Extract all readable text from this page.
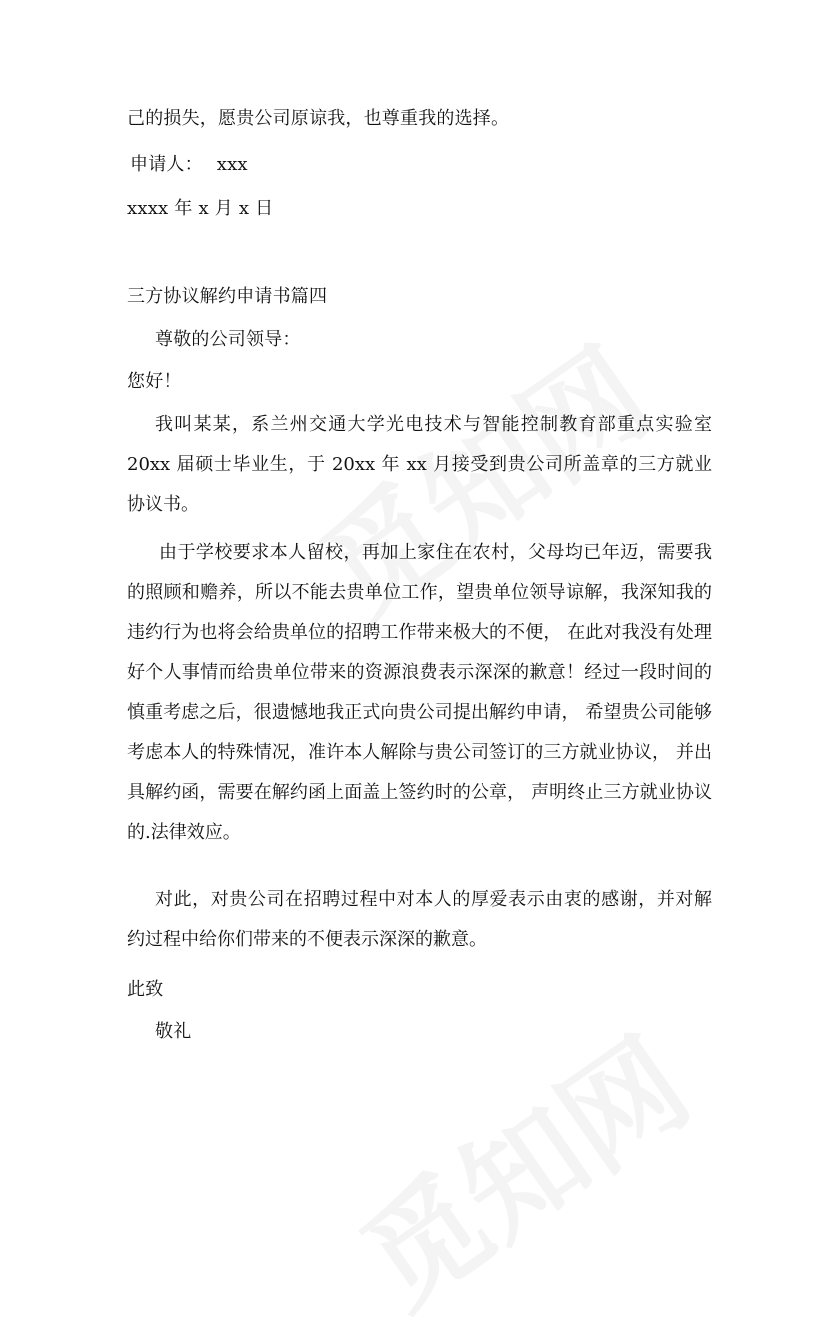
己的损失，愿贵公司原谅我，也尊重我的选择。
申请人： xxx
xxxx 年 x 月 x 日
三方协议解约申请书篇四
尊敬的公司领导：
您好！
我叫某某，系兰州交通大学光电技术与智能控制教育部重点实验室 20xx 届硕士毕业生，于 20xx 年 xx 月接受到贵公司所盖章的三方就业协议书。
由于学校要求本人留校，再加上家住在农村，父母均已年迈，需要我的照顾和赡养，所以不能去贵单位工作，望贵单位领导谅解，我深知我的违约行为也将会给贵单位的招聘工作带来极大的不便， 在此对我没有处理好个人事情而给贵单位带来的资源浪费表示深深的歉意！经过一段时间的慎重考虑之后，很遗憾地我正式向贵公司提出解约申请， 希望贵公司能够考虑本人的特殊情况，准许本人解除与贵公司签订的三方就业协议， 并出具解约函，需要在解约函上面盖上签约时的公章， 声明终止三方就业协议的.法律效应。
对此，对贵公司在招聘过程中对本人的厚爱表示由衷的感谢，并对解约过程中给你们带来的不便表示深深的歉意。
此致
敬礼
